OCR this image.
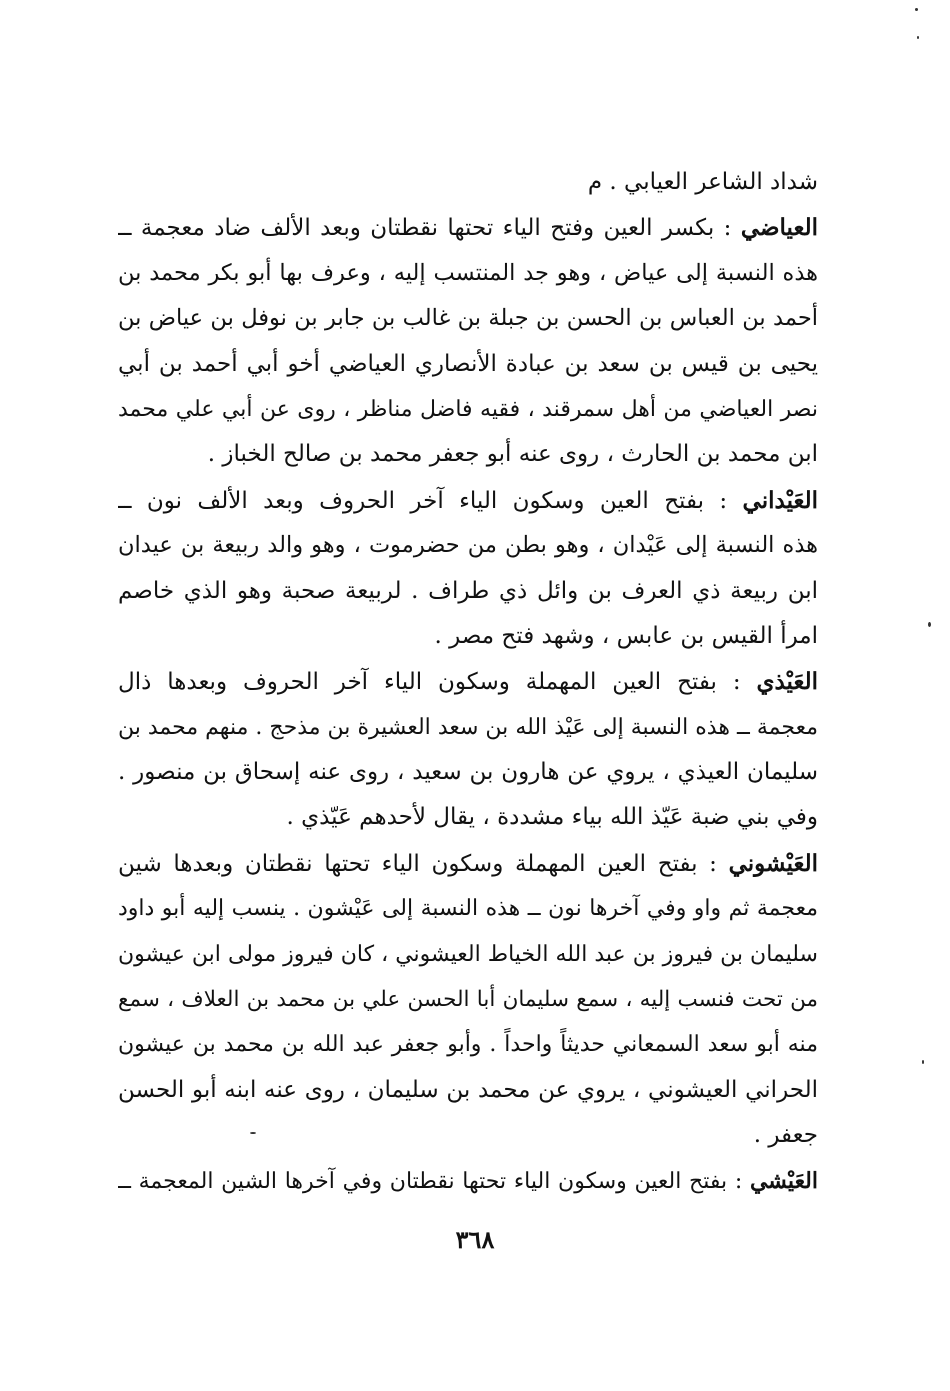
شداد الشاعر العيابي . م
العياضي : بكسر العين وفتح الياء تحتها نقطتان وبعد الألف ضاد معجمة ــ
هذه النسبة إلى عياض ، وهو جد المنتسب إليه ، وعرف بها أبو بكر محمد بن
أحمد بن العباس بن الحسن بن جبلة بن غالب بن جابر بن نوفل بن عياض بن
يحيى بن قيس بن سعد بن عبادة الأنصاري العياضي أخو أبي أحمد بن أبي
نصر العياضي من أهل سمرقند ، فقيه فاضل مناظر ، روى عن أبي علي محمد
ابن محمد بن الحارث ، روى عنه أبو جعفر محمد بن صالح الخباز .
العَيْداني : بفتح العين وسكون الياء آخر الحروف وبعد الألف نون ــ
هذه النسبة إلى عَيْدان ، وهو بطن من حضرموت ، وهو والد ربيعة بن عيدان
ابن ربيعة ذي العرف بن وائل ذي طراف . لربيعة صحبة وهو الذي خاصم
امرأ القيس بن عابس ، وشهد فتح مصر .
العَيْذي : بفتح العين المهملة وسكون الياء آخر الحروف وبعدها ذال
معجمة ــ هذه النسبة إلى عَيْذ الله بن سعد العشيرة بن مذحج . منهم محمد بن
سليمان العيذي ، يروي عن هارون بن سعيد ، روى عنه إسحاق بن منصور .
وفي بني ضبة عَيّذ الله بياء مشددة ، يقال لأحدهم عَيّذي .
العَيْشوني : بفتح العين المهملة وسكون الياء تحتها نقطتان وبعدها شين
معجمة ثم واو وفي آخرها نون ــ هذه النسبة إلى عَيْشون . ينسب إليه أبو داود
سليمان بن فيروز بن عبد الله الخياط العيشوني ، كان فيروز مولى ابن عيشون
من تحت فنسب إليه ، سمع سليمان أبا الحسن علي بن محمد بن العلاف ، سمع
منه أبو سعد السمعاني حديثاً واحداً . وأبو جعفر عبد الله بن محمد بن عيشون
الحراني العيشوني ، يروي عن محمد بن سليمان ، روى عنه ابنه أبو الحسن
جعفر .
العَيْشي : بفتح العين وسكون الياء تحتها نقطتان وفي آخرها الشين المعجمة ــ
٣٦٨
